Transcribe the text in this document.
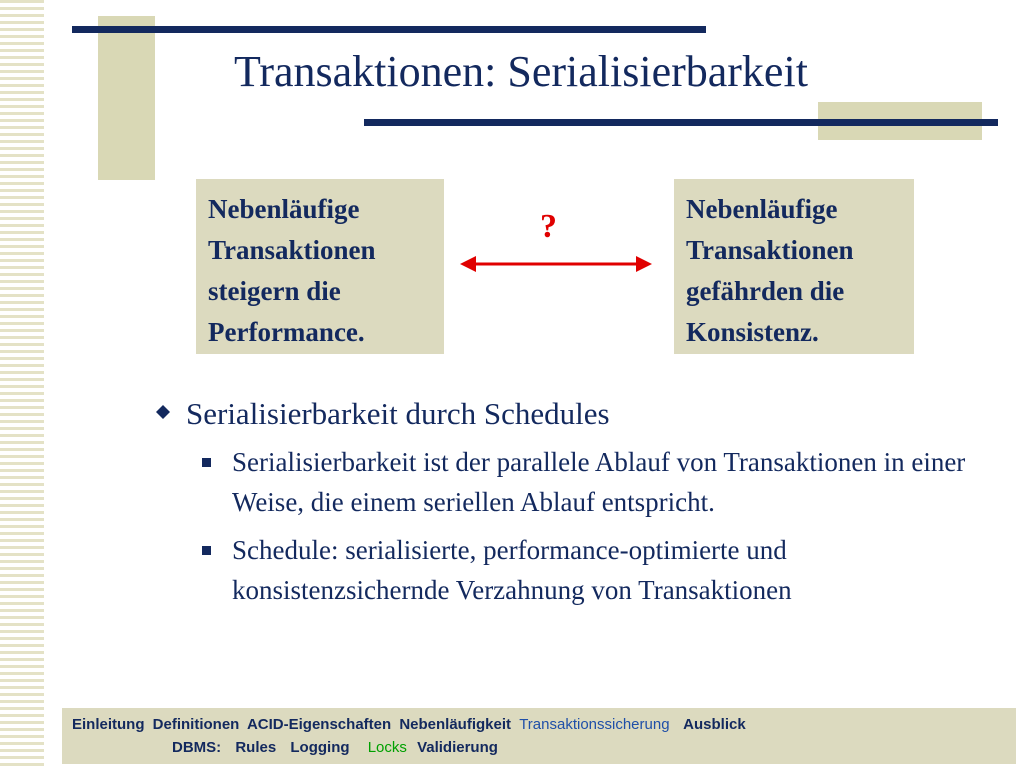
Transaktionen: Serialisierbarkeit
Nebenläufige
Transaktionen
steigern die
Performance.
Nebenläufige
Transaktionen
gefährden die
Konsistenz.
?
Serialisierbarkeit durch Schedules
Serialisierbarkeit ist der parallele Ablauf von Transaktionen in einer Weise, die einem seriellen Ablauf entspricht.
Schedule: serialisierte, performance-optimierte und konsistenzsichernde Verzahnung von Transaktionen
Einleitung Definitionen ACID-Eigenschaften Nebenläufigkeit Transaktionssicherung Ausblick
DBMS: Rules Logging Locks Validierung
